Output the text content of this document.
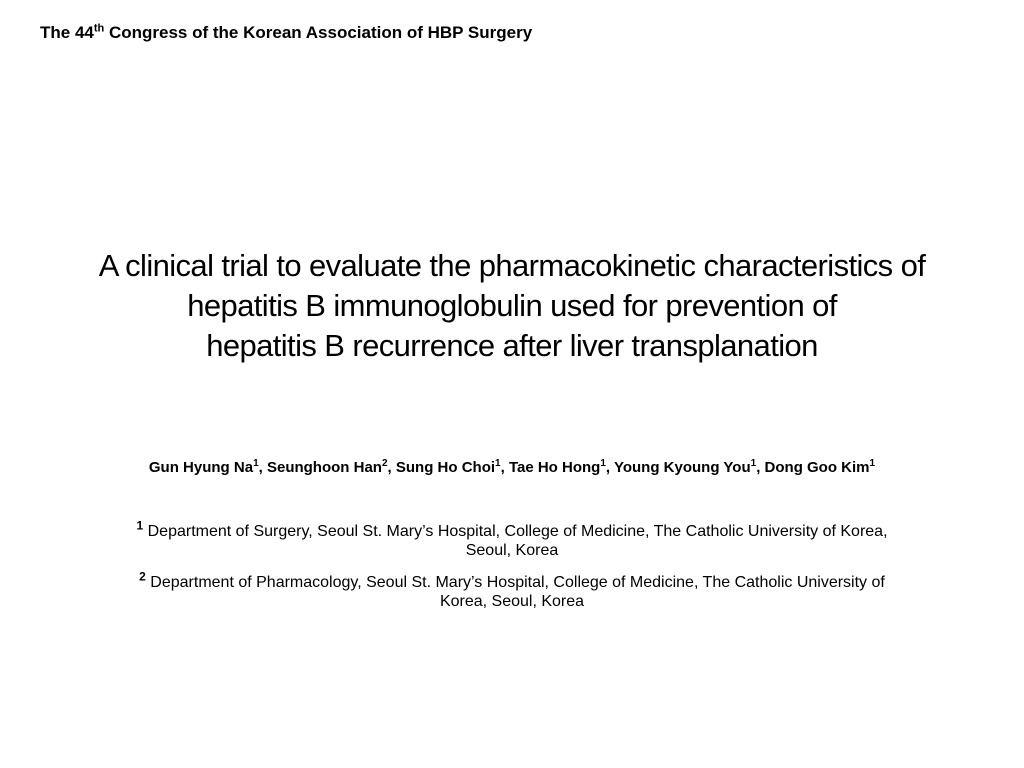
The 44th Congress of the Korean Association of HBP Surgery
A clinical trial to evaluate the pharmacokinetic characteristics of
hepatitis B immunoglobulin used for prevention of
hepatitis B recurrence after liver transplanation
Gun Hyung Na$^1$, Seunghoon Han$^2$, Sung Ho Choi$^1$, Tae Ho Hong$^1$, Young Kyoung You$^1$, Dong Goo Kim$^1$
$^1$ Department of Surgery, Seoul St. Mary’s Hospital, College of Medicine, The Catholic University of Korea,
Seoul, Korea
$^2$ Department of Pharmacology, Seoul St. Mary’s Hospital, College of Medicine, The Catholic University of
Korea, Seoul, Korea
